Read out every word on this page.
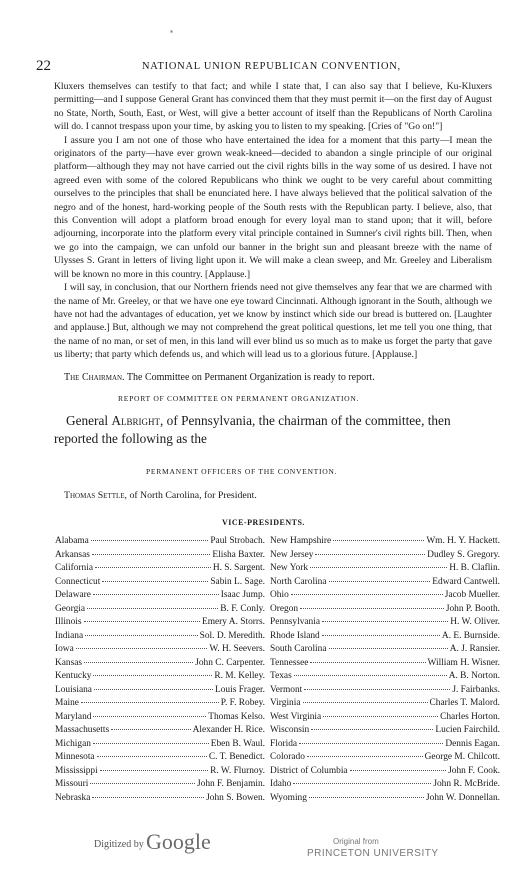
*
22	NATIONAL UNION REPUBLICAN CONVENTION,

Kluxers themselves can testify to that fact; and while I state that, I can also say that I believe, Ku-Kluxers permitting—and I suppose General Grant has convinced them that they must permit it—on the first day of August no State, North, South, East, or West, will give a better account of itself than the Republicans of North Carolina will do. I cannot trespass upon your time, by asking you to listen to my speaking. [Cries of "Go on!"]

I assure you I am not one of those who have entertained the idea for a moment that this party—I mean the originators of the party—have ever grown weak-kneed—decided to abandon a single principle of our original platform—although they may not have carried out the civil rights bills in the way some of us desired. I have not agreed even with some of the colored Republicans who think we ought to be very careful about committing ourselves to the principles that shall be enunciated here. I have always believed that the political salvation of the negro and of the honest, hard-working people of the South rests with the Republican party. I believe, also, that this Convention will adopt a platform broad enough for every loyal man to stand upon; that it will, before adjourning, incorporate into the platform every vital principle contained in Sumner's civil rights bill. Then, when we go into the campaign, we can unfold our banner in the bright sun and pleasant breeze with the name of Ulysses S. Grant in letters of living light upon it. We will make a clean sweep, and Mr. Greeley and Liberalism will be known no more in this country. [Applause.]

I will say, in conclusion, that our Northern friends need not give themselves any fear that we are charmed with the name of Mr. Greeley, or that we have one eye toward Cincinnati. Although ignorant in the South, although we have not had the advantages of education, yet we know by instinct which side our bread is buttered on. [Laughter and applause.] But, although we may not comprehend the great political questions, let me tell you one thing, that the name of no man, or set of men, in this land will ever blind us so much as to make us forget the party that gave us liberty; that party which defends us, and which will lead us to a glorious future. [Applause.]

The Chairman. The Committee on Permanent Organization is ready to report.
REPORT OF COMMITTEE ON PERMANENT ORGANIZATION.
General Albright, of Pennsylvania, the chairman of the committee, then reported the following as the
PERMANENT OFFICERS OF THE CONVENTION.
Thomas Settle, of North Carolina, for President.
VICE-PRESIDENTS.
Alabama	Paul Strobach.
Arkansas	Elisha Baxter.
California	H. S. Sargent.
Connecticut	Sabin L. Sage.
Delaware	Isaac Jump.
Georgia	B. F. Conly.
Illinois	Emery A. Storrs.
Indiana	Sol. D. Meredith.
Iowa	W. H. Seevers.
Kansas	John C. Carpenter.
Kentucky	R. M. Kelley.
Louisiana	Louis Frager.
Maine	P. F. Robey.
Maryland	Thomas Kelso.
Massachusetts	Alexander H. Rice.
Michigan	Eben B. Waul.
Minnesota	C. T. Benedict.
Mississippi	R. W. Flurnoy.
Missouri	John F. Benjamin.
Nebraska	John S. Bowen.
New Hampshire	Wm. H. Y. Hackett.
New Jersey	Dudley S. Gregory.
New York	H. B. Claflin.
North Carolina	Edward Cantwell.
Ohio	Jacob Mueller.
Oregon	John P. Booth.
Pennsylvania	H. W. Oliver.
Rhode Island	A. E. Burnside.
South Carolina	A. J. Ransier.
Tennessee	William H. Wisner.
Texas	A. B. Norton.
Vermont	J. Fairbanks.
Virginia	Charles T. Malord.
West Virginia	Charles Horton.
Wisconsin	Lucien Fairchild.
Florida	Dennis Eagan.
Colorado	George M. Chilcott.
District of Columbia	John F. Cook.
Idaho	John R. McBride.
Wyoming	John W. Donnellan.
Digitized by Google	Original from
PRINCETON UNIVERSITY
